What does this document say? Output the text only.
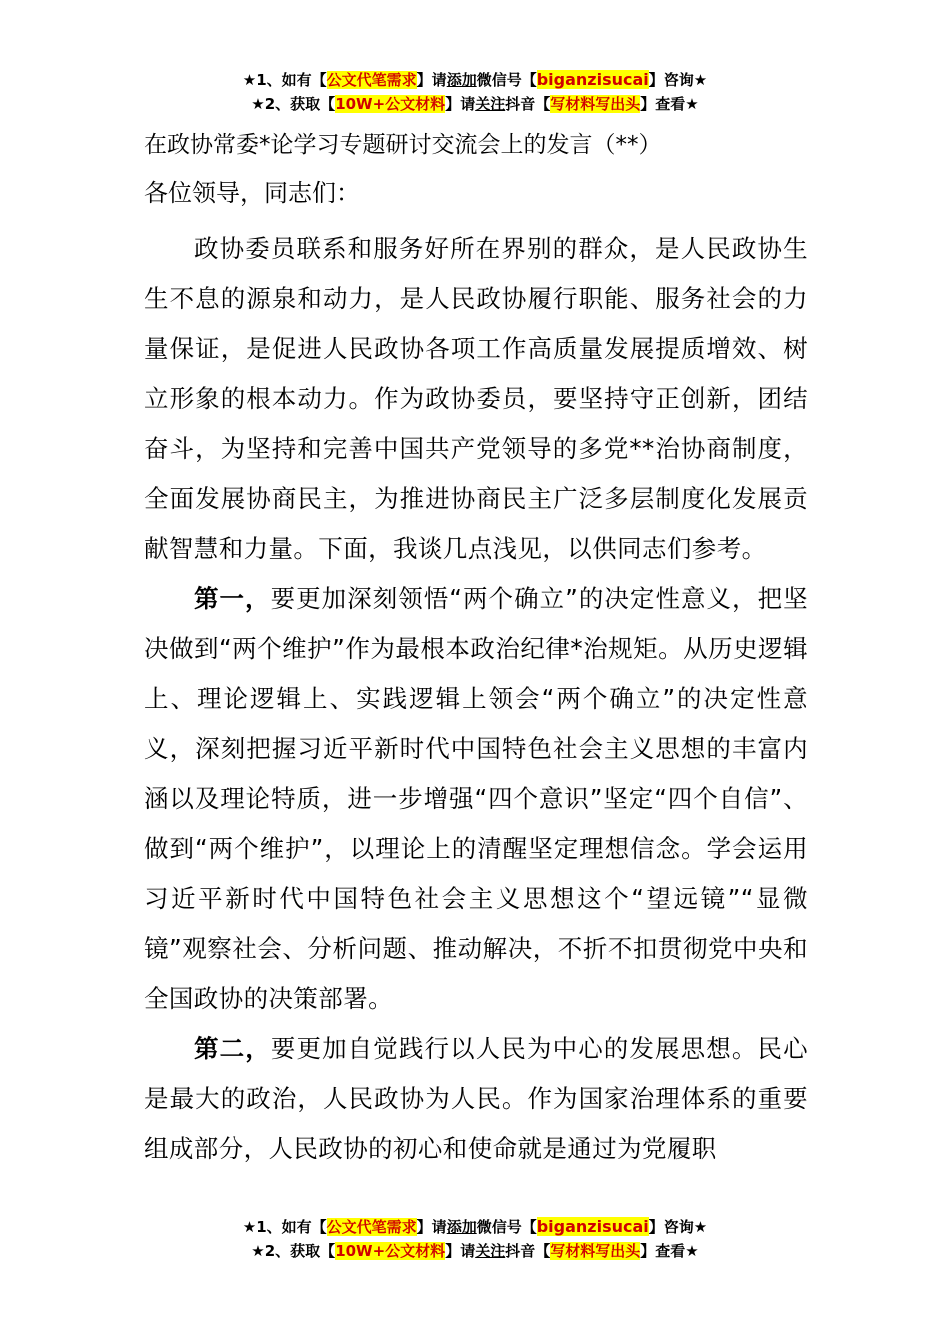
★1、如有【公文代笔需求】请添加微信号【biganzisucai】咨询★
★2、获取【10W+公文材料】请关注抖音【写材料写出头】查看★

在政协常委*论学习专题研讨交流会上的发言（**）

各位领导，同志们：

政协委员联系和服务好所在界别的群众，是人民政协生生不息的源泉和动力，是人民政协履行职能、服务社会的力量保证，是促进人民政协各项工作高质量发展提质增效、树立形象的根本动力。作为政协委员，要坚持守正创新，团结奋斗，为坚持和完善中国共产党领导的多党**治协商制度，全面发展协商民主，为推进协商民主广泛多层制度化发展贡献智慧和力量。下面，我谈几点浅见，以供同志们参考。

第一，要更加深刻领悟“两个确立”的决定性意义，把坚决做到“两个维护”作为最根本政治纪律*治规矩。从历史逻辑上、理论逻辑上、实践逻辑上领会“两个确立”的决定性意义，深刻把握习近平新时代中国特色社会主义思想的丰富内涵以及理论特质，进一步增强“四个意识”坚定“四个自信”、做到“两个维护”，以理论上的清醒坚定理想信念。学会运用习近平新时代中国特色社会主义思想这个“望远镜”“显微镜”观察社会、分析问题、推动解决，不折不扣贯彻党中央和全国政协的决策部署。

第二，要更加自觉践行以人民为中心的发展思想。民心是最大的政治，人民政协为人民。作为国家治理体系的重要组成部分，人民政协的初心和使命就是通过为党履职

★1、如有【公文代笔需求】请添加微信号【biganzisucai】咨询★
★2、获取【10W+公文材料】请关注抖音【写材料写出头】查看★
